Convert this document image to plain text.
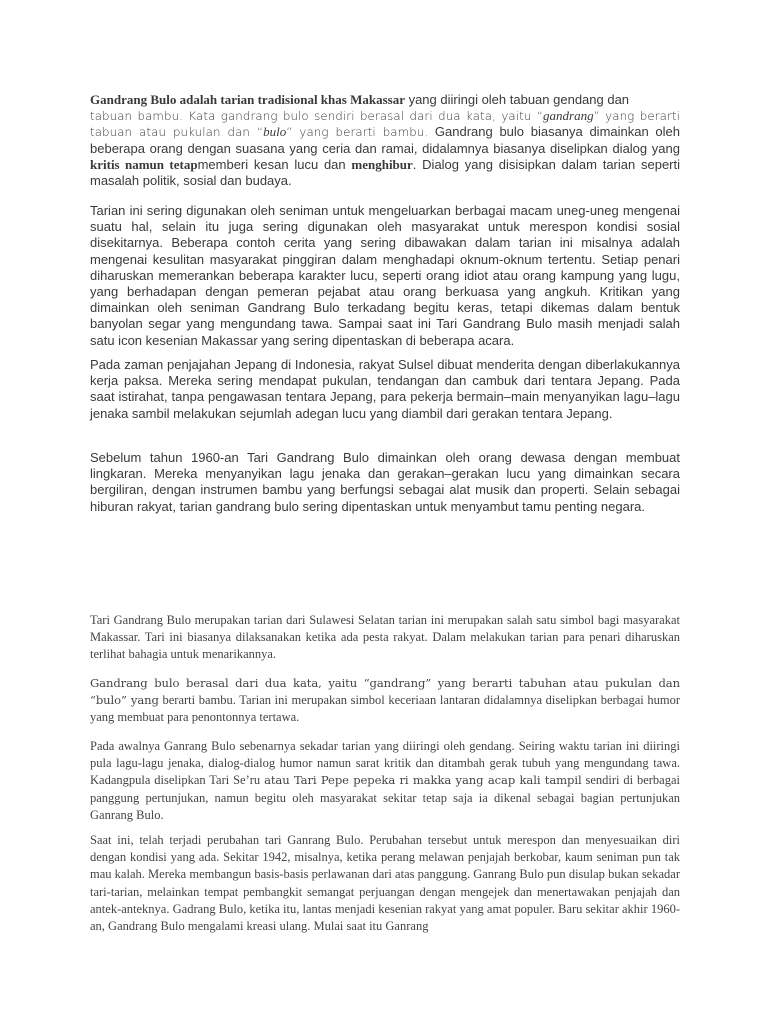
Gandrang Bulo adalah tarian tradisional khas Makassar yang diiringi oleh tabuan gendang dan
tabuan bambu. Kata gandrang bulo sendiri berasal dari dua kata, yaitu “gandrang” yang berarti tabuan atau pukulan dan “bulo” yang berarti bambu. Gandrang bulo biasanya dimainkan oleh beberapa orang dengan suasana yang ceria dan ramai, didalamnya biasanya diselipkan dialog yang kritis namun tetapmemberi kesan lucu dan menghibur. Dialog yang disisipkan dalam tarian seperti masalah politik, sosial dan budaya.

Tarian ini sering digunakan oleh seniman untuk mengeluarkan berbagai macam uneg-uneg mengenai suatu hal, selain itu juga sering digunakan oleh masyarakat untuk merespon kondisi sosial disekitarnya. Beberapa contoh cerita yang sering dibawakan dalam tarian ini misalnya adalah mengenai kesulitan masyarakat pinggiran dalam menghadapi oknum-oknum tertentu. Setiap penari diharuskan memerankan beberapa karakter lucu, seperti orang idiot atau orang kampung yang lugu, yang berhadapan dengan pemeran pejabat atau orang berkuasa yang angkuh. Kritikan yang dimainkan oleh seniman Gandrang Bulo terkadang begitu keras, tetapi dikemas dalam bentuk banyolan segar yang mengundang tawa. Sampai saat ini Tari Gandrang Bulo masih menjadi salah satu icon kesenian Makassar yang sering dipentaskan di beberapa acara.

Pada zaman penjajahan Jepang di Indonesia, rakyat Sulsel dibuat menderita dengan diberlakukannya kerja paksa. Mereka sering mendapat pukulan, tendangan dan cambuk dari tentara Jepang. Pada saat istirahat, tanpa pengawasan tentara Jepang, para pekerja bermain–main menyanyikan lagu–lagu jenaka sambil melakukan sejumlah adegan lucu yang diambil dari gerakan tentara Jepang.

Sebelum tahun 1960-an Tari Gandrang Bulo dimainkan oleh orang dewasa dengan membuat lingkaran. Mereka menyanyikan lagu jenaka dan gerakan–gerakan lucu yang dimainkan secara bergiliran, dengan instrumen bambu yang berfungsi sebagai alat musik dan properti. Selain sebagai hiburan rakyat, tarian gandrang bulo sering dipentaskan untuk menyambut tamu penting negara.

Tari Gandrang Bulo merupakan tarian dari Sulawesi Selatan tarian ini merupakan salah satu simbol bagi masyarakat Makassar. Tari ini biasanya dilaksanakan ketika ada pesta rakyat. Dalam melakukan tarian para penari diharuskan terlihat bahagia untuk menarikannya.

Gandrang bulo berasal dari dua kata, yaitu “gandrang” yang berarti tabuhan atau pukulan dan “bulo” yang berarti bambu. Tarian ini merupakan simbol keceriaan lantaran didalamnya diselipkan berbagai humor yang membuat para penontonnya tertawa.

Pada awalnya Ganrang Bulo sebenarnya sekadar tarian yang diiringi oleh gendang. Seiring waktu tarian ini diiringi pula lagu-lagu jenaka, dialog-dialog humor namun sarat kritik dan ditambah gerak tubuh yang mengundang tawa. Kadangpula diselipkan Tari Se’ru atau Tari Pepe pepeka ri makka yang acap kali tampil sendiri di berbagai panggung pertunjukan, namun begitu oleh masyarakat sekitar tetap saja ia dikenal sebagai bagian pertunjukan Ganrang Bulo.

Saat ini, telah terjadi perubahan tari Ganrang Bulo. Perubahan tersebut untuk merespon dan menyesuaikan diri dengan kondisi yang ada. Sekitar 1942, misalnya, ketika perang melawan penjajah berkobar, kaum seniman pun tak mau kalah. Mereka membangun basis-basis perlawanan dari atas panggung. Ganrang Bulo pun disulap bukan sekadar tari-tarian, melainkan tempat pembangkit semangat perjuangan dengan mengejek dan menertawakan penjajah dan antek-anteknya. Gadrang Bulo, ketika itu, lantas menjadi kesenian rakyat yang amat populer. Baru sekitar akhir 1960-an, Gandrang Bulo mengalami kreasi ulang. Mulai saat itu Ganrang
